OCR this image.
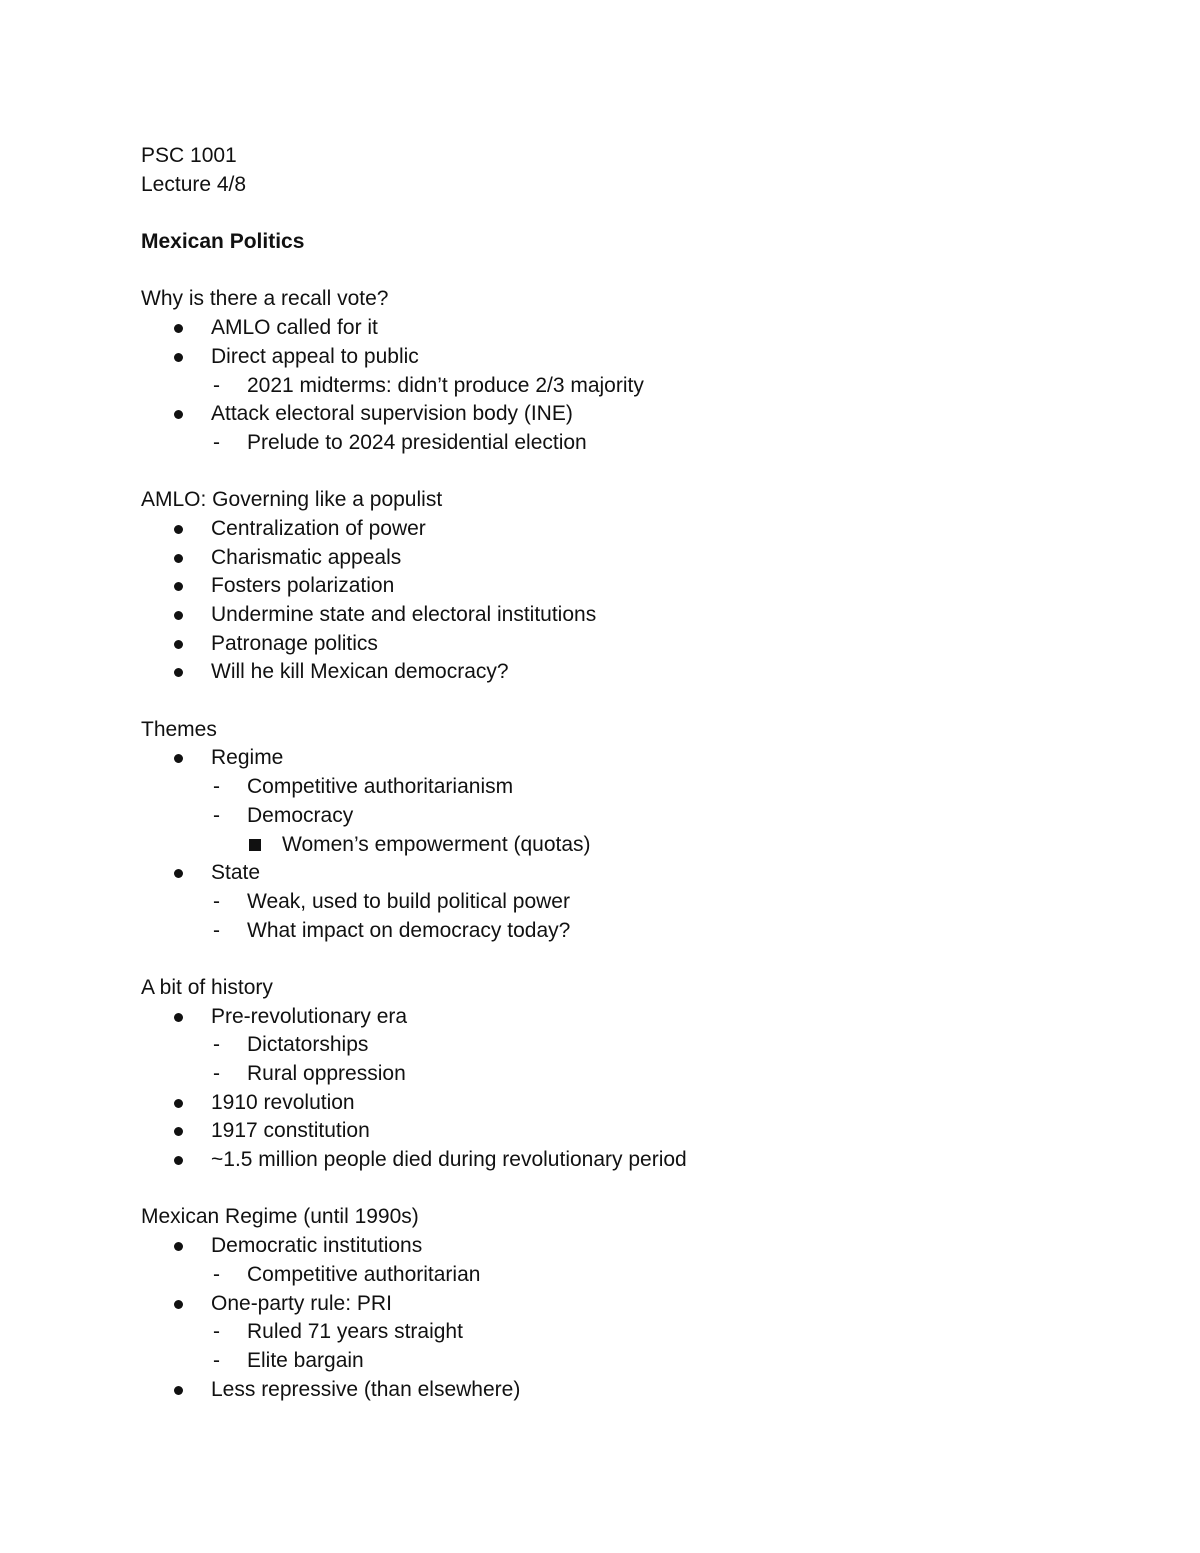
PSC 1001
Lecture 4/8
Mexican Politics
Why is there a recall vote?
AMLO called for it
Direct appeal to public
- 2021 midterms: didn’t produce 2/3 majority
Attack electoral supervision body (INE)
- Prelude to 2024 presidential election
AMLO: Governing like a populist
Centralization of power
Charismatic appeals
Fosters polarization
Undermine state and electoral institutions
Patronage politics
Will he kill Mexican democracy?
Themes
Regime
- Competitive authoritarianism
- Democracy
Women’s empowerment (quotas)
State
- Weak, used to build political power
- What impact on democracy today?
A bit of history
Pre-revolutionary era
- Dictatorships
- Rural oppression
1910 revolution
1917 constitution
~1.5 million people died during revolutionary period
Mexican Regime (until 1990s)
Democratic institutions
- Competitive authoritarian
One-party rule: PRI
- Ruled 71 years straight
- Elite bargain
Less repressive (than elsewhere)
